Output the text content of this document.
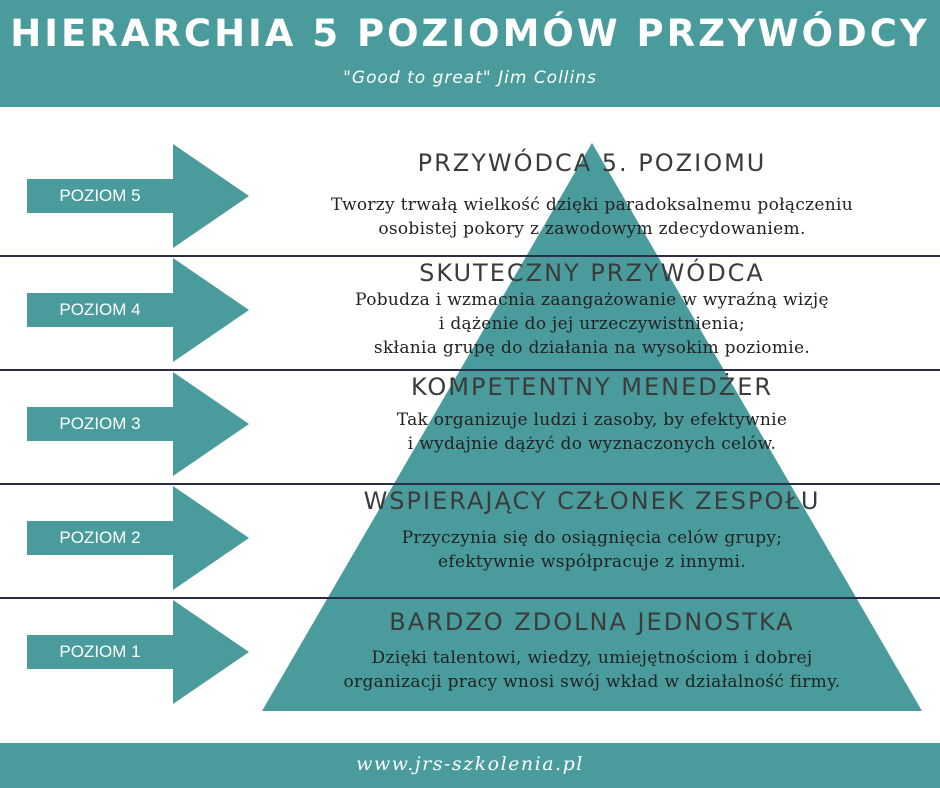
HIERARCHIA 5 POZIOMÓW PRZYWÓDCY
"Good to great" Jim Collins
POZIOM 5
PRZYWÓDCA 5. POZIOMU
Tworzy trwałą wielkość dzięki paradoksalnemu połączeniu
osobistej pokory z zawodowym zdecydowaniem.
POZIOM 4
SKUTECZNY PRZYWÓDCA
Pobudza i wzmacnia zaangażowanie w wyraźną wizję
i dążenie do jej urzeczywistnienia;
skłania grupę do działania na wysokim poziomie.
POZIOM 3
KOMPETENTNY MENEDŻER
Tak organizuje ludzi i zasoby, by efektywnie
i wydajnie dążyć do wyznaczonych celów.
POZIOM 2
WSPIERAJĄCY CZŁONEK ZESPOŁU
Przyczynia się do osiągnięcia celów grupy;
efektywnie współpracuje z innymi.
POZIOM 1
BARDZO ZDOLNA JEDNOSTKA
Dzięki talentowi, wiedzy, umiejętnościom i dobrej
organizacji pracy wnosi swój wkład w działalność firmy.
www.jrs-szkolenia.pl
